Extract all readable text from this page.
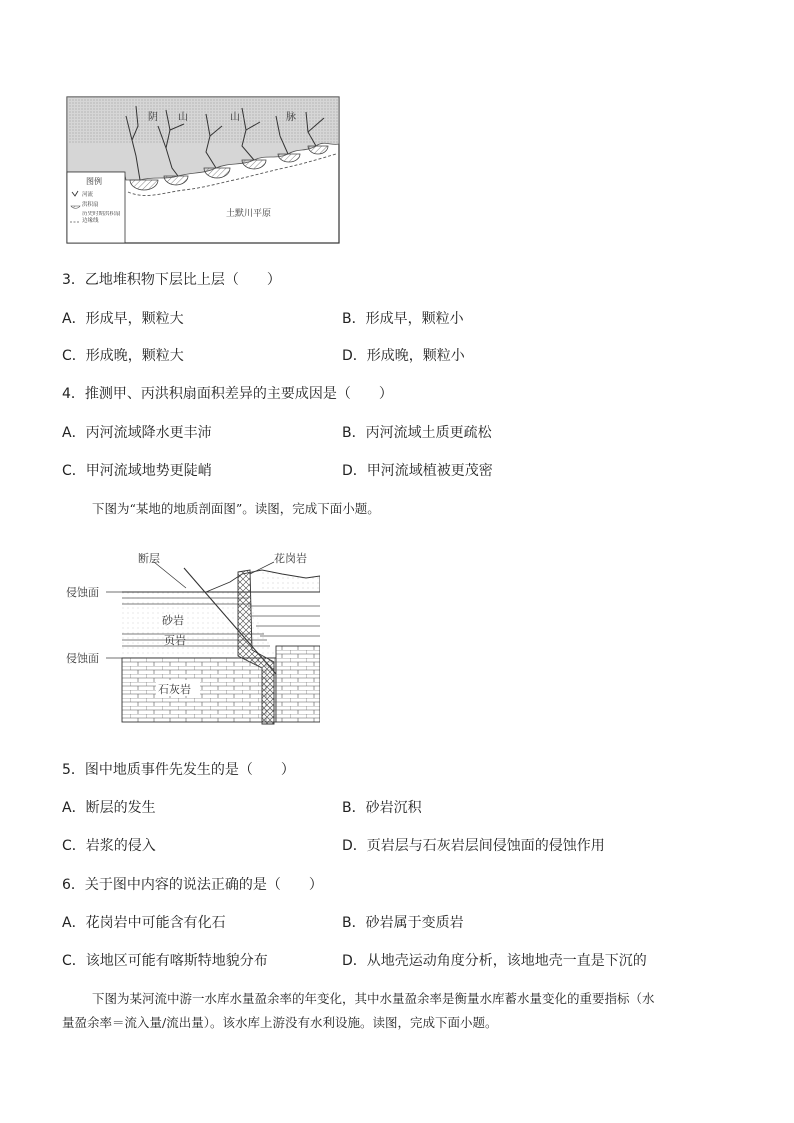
阴 山	山	脉
土默川平原
图例
河流
洪积扇
历史时期洪积扇边缘线
3．乙地堆积物下层比上层（　　）
A．形成早，颗粒大	B．形成早，颗粒小
C．形成晚，颗粒大	D．形成晚，颗粒小
4．推测甲、丙洪积扇面积差异的主要成因是（　　）
A．丙河流域降水更丰沛	B．丙河流域土质更疏松
C．甲河流域地势更陡峭	D．甲河流域植被更茂密
下图为“某地的地质剖面图”。读图，完成下面小题。
断层	花岗岩
侵蚀面
砂岩
页岩
侵蚀面
石灰岩
5．图中地质事件先发生的是（　　）
A．断层的发生	B．砂岩沉积
C．岩浆的侵入	D．页岩层与石灰岩层间侵蚀面的侵蚀作用
6．关于图中内容的说法正确的是（　　）
A．花岗岩中可能含有化石	B．砂岩属于变质岩
C．该地区可能有喀斯特地貌分布	D．从地壳运动角度分析，该地地壳一直是下沉的
下图为某河流中游一水库水量盈余率的年变化，其中水量盈余率是衡量水库蓄水量变化的重要指标（水
量盈余率＝流入量/流出量）。该水库上游没有水利设施。读图，完成下面小题。
